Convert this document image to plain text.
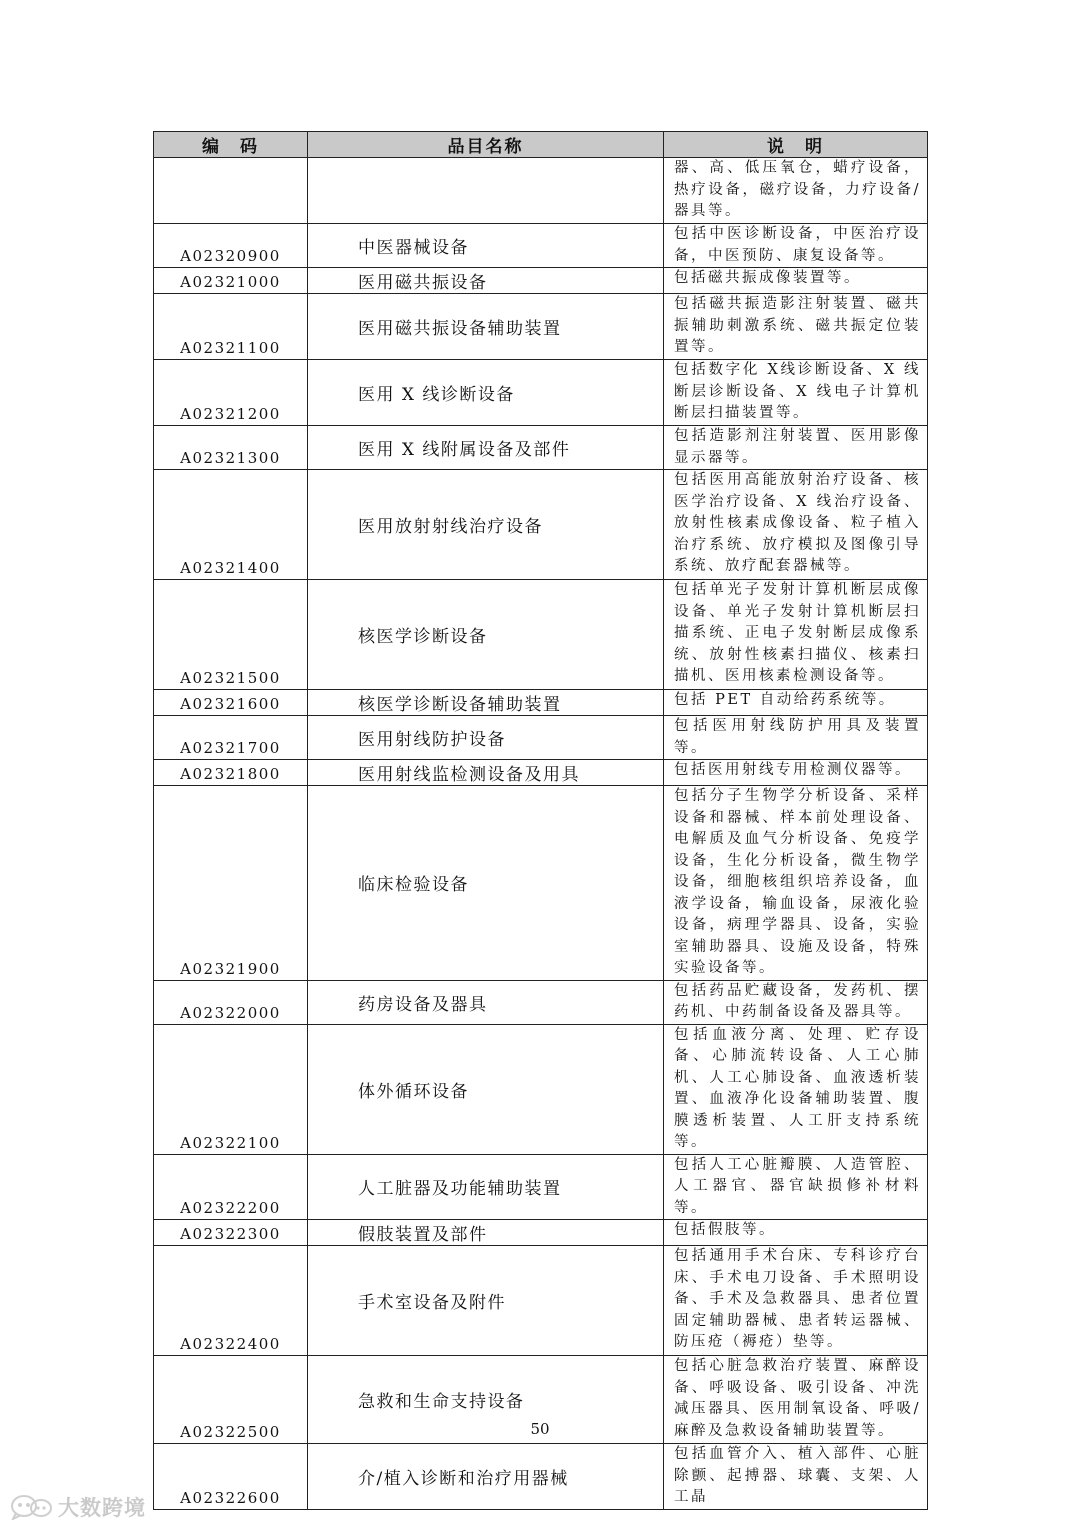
编　码	品目名称	说　明
		器、高、低压氧仓，蜡疗设备，热疗设备，磁疗设备，力疗设备/器具等。
A02320900	中医器械设备	包括中医诊断设备，中医治疗设备，中医预防、康复设备等。
A02321000	医用磁共振设备	包括磁共振成像装置等。
A02321100	医用磁共振设备辅助装置	包括磁共振造影注射装置、磁共振辅助刺激系统、磁共振定位装置等。
A02321200	医用 X 线诊断设备	包括数字化 X线诊断设备、X 线断层诊断设备、X 线电子计算机断层扫描装置等。
A02321300	医用 X 线附属设备及部件	包括造影剂注射装置、医用影像显示器等。
A02321400	医用放射射线治疗设备	包括医用高能放射治疗设备、核医学治疗设备、X 线治疗设备、放射性核素成像设备、粒子植入治疗系统、放疗模拟及图像引导系统、放疗配套器械等。
A02321500	核医学诊断设备	包括单光子发射计算机断层成像设备、单光子发射计算机断层扫描系统、正电子发射断层成像系统、放射性核素扫描仪、核素扫描机、医用核素检测设备等。
A02321600	核医学诊断设备辅助装置	包括 PET 自动给药系统等。
A02321700	医用射线防护设备	包括医用射线防护用具及装置等。
A02321800	医用射线监检测设备及用具	包括医用射线专用检测仪器等。
A02321900	临床检验设备	包括分子生物学分析设备、采样设备和器械、样本前处理设备、电解质及血气分析设备、免疫学设备，生化分析设备，微生物学设备，细胞核组织培养设备，血液学设备，输血设备，尿液化验设备，病理学器具、设备，实验室辅助器具、设施及设备，特殊实验设备等。
A02322000	药房设备及器具	包括药品贮藏设备，发药机、摆药机、中药制备设备及器具等。
A02322100	体外循环设备	包括血液分离、处理、贮存设备、心肺流转设备、人工心肺机、人工心肺设备、血液透析装置、血液净化设备辅助装置、腹膜透析装置、人工肝支持系统等。
A02322200	人工脏器及功能辅助装置	包括人工心脏瓣膜、人造管腔、人工器官、器官缺损修补材料等。
A02322300	假肢装置及部件	包括假肢等。
A02322400	手术室设备及附件	包括通用手术台床、专科诊疗台床、手术电刀设备、手术照明设备、手术及急救器具、患者位置固定辅助器械、患者转运器械、防压疮（褥疮）垫等。
A02322500	急救和生命支持设备	包括心脏急救治疗装置、麻醉设备、呼吸设备、吸引设备、冲洗减压器具、医用制氧设备、呼吸/麻醉及急救设备辅助装置等。
A02322600	介/植入诊断和治疗用器械	包括血管介入、植入部件、心脏除颤、起搏器、球囊、支架、人工晶
50
大数跨境
